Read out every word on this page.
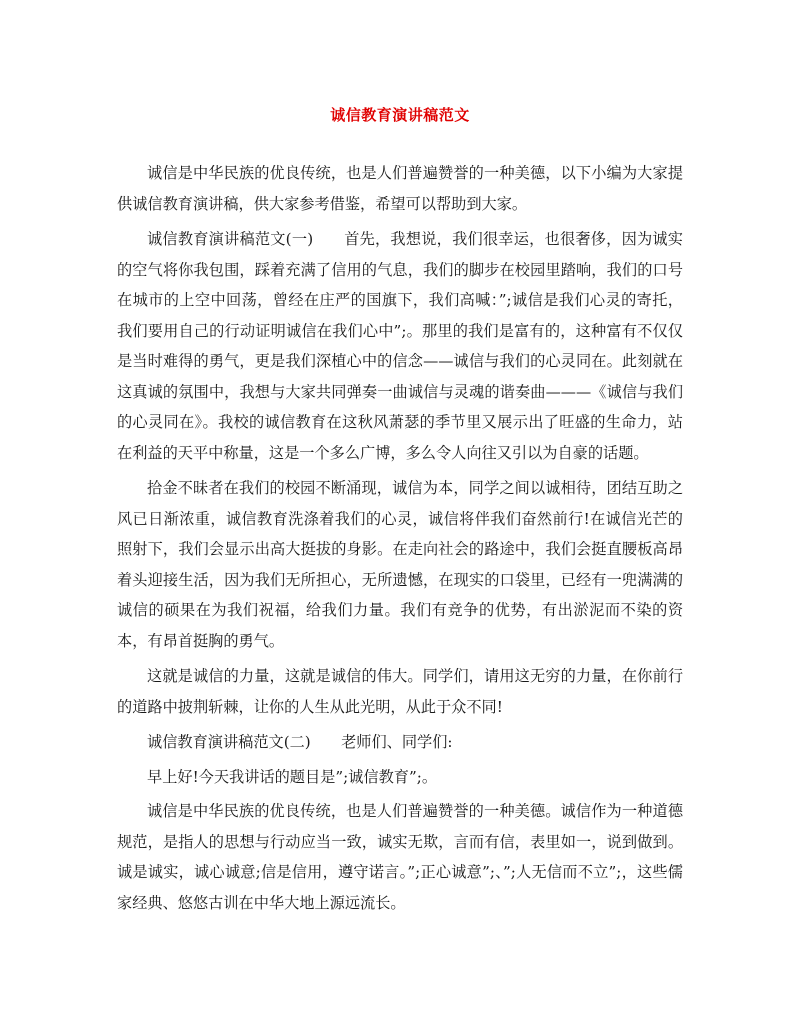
诚信教育演讲稿范文

诚信是中华民族的优良传统，也是人们普遍赞誉的一种美德，以下小编为大家提供诚信教育演讲稿，供大家参考借鉴，希望可以帮助到大家。

诚信教育演讲稿范文(一)　　首先，我想说，我们很幸运，也很奢侈，因为诚实的空气将你我包围，踩着充满了信用的气息，我们的脚步在校园里踏响，我们的口号在城市的上空中回荡，曾经在庄严的国旗下，我们高喊：”;诚信是我们心灵的寄托，我们要用自己的行动证明诚信在我们心中”;。那里的我们是富有的，这种富有不仅仅是当时难得的勇气，更是我们深植心中的信念——诚信与我们的心灵同在。此刻就在这真诚的氛围中，我想与大家共同弹奏一曲诚信与灵魂的谐奏曲———《诚信与我们的心灵同在》。我校的诚信教育在这秋风萧瑟的季节里又展示出了旺盛的生命力，站在利益的天平中称量，这是一个多么广博，多么令人向往又引以为自豪的话题。

拾金不昧者在我们的校园不断涌现，诚信为本，同学之间以诚相待，团结互助之风已日渐浓重，诚信教育洗涤着我们的心灵，诚信将伴我们奋然前行!在诚信光芒的照射下，我们会显示出高大挺拔的身影。在走向社会的路途中，我们会挺直腰板高昂着头迎接生活，因为我们无所担心，无所遗憾，在现实的口袋里，已经有一兜满满的诚信的硕果在为我们祝福，给我们力量。我们有竞争的优势，有出淤泥而不染的资本，有昂首挺胸的勇气。

这就是诚信的力量，这就是诚信的伟大。同学们，请用这无穷的力量，在你前行的道路中披荆斩棘，让你的人生从此光明，从此于众不同!

诚信教育演讲稿范文(二)　　老师们、同学们:

早上好!今天我讲话的题目是”;诚信教育”;。

诚信是中华民族的优良传统，也是人们普遍赞誉的一种美德。诚信作为一种道德规范，是指人的思想与行动应当一致，诚实无欺，言而有信，表里如一，说到做到。诚是诚实，诚心诚意;信是信用，遵守诺言。”;正心诚意”;、”;人无信而不立”;，这些儒家经典、悠悠古训在中华大地上源远流长。
